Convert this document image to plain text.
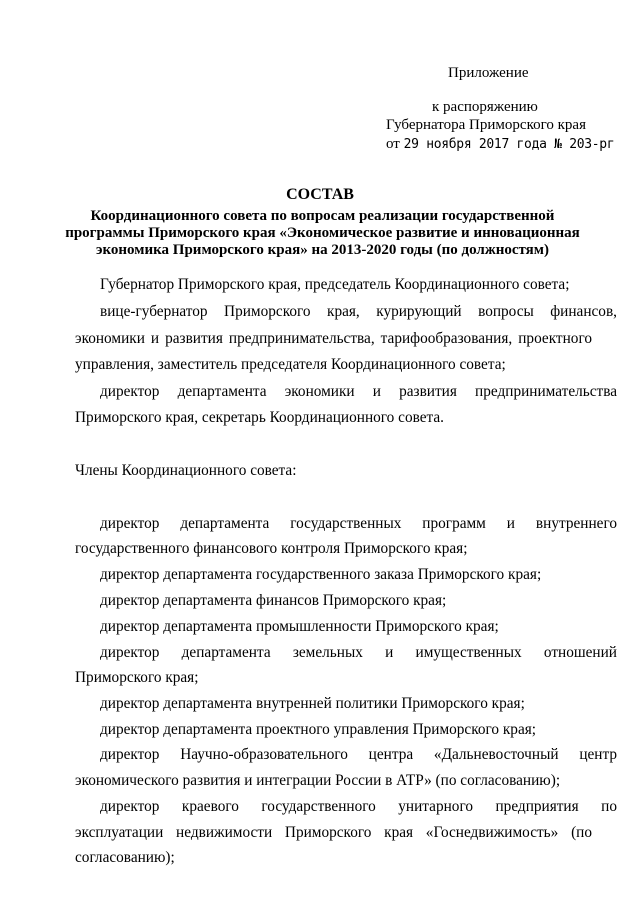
Приложение
к распоряжению
Губернатора Приморского края
от 29 ноября 2017 года № 203-рг
СОСТАВ
Координационного совета по вопросам реализации государственной
программы Приморского края «Экономическое развитие и инновационная
экономика Приморского края» на 2013-2020 годы (по должностям)
Губернатор Приморского края, председатель Координационного совета;
вице-губернатор Приморского края, курирующий вопросы финансов,
экономики и развития предпринимательства, тарифообразования, проектного
управления, заместитель председателя Координационного совета;
директор департамента экономики и развития предпринимательства
Приморского края, секретарь Координационного совета.
Члены Координационного совета:
директор департамента государственных программ и внутреннего
государственного финансового контроля Приморского края;
директор департамента государственного заказа Приморского края;
директор департамента финансов Приморского края;
директор департамента промышленности Приморского края;
директор департамента земельных и имущественных отношений
Приморского края;
директор департамента внутренней политики Приморского края;
директор департамента проектного управления Приморского края;
директор Научно-образовательного центра «Дальневосточный центр
экономического развития и интеграции России в АТР» (по согласованию);
директор краевого государственного унитарного предприятия по
эксплуатации недвижимости Приморского края «Госнедвижимость» (по
согласованию);
